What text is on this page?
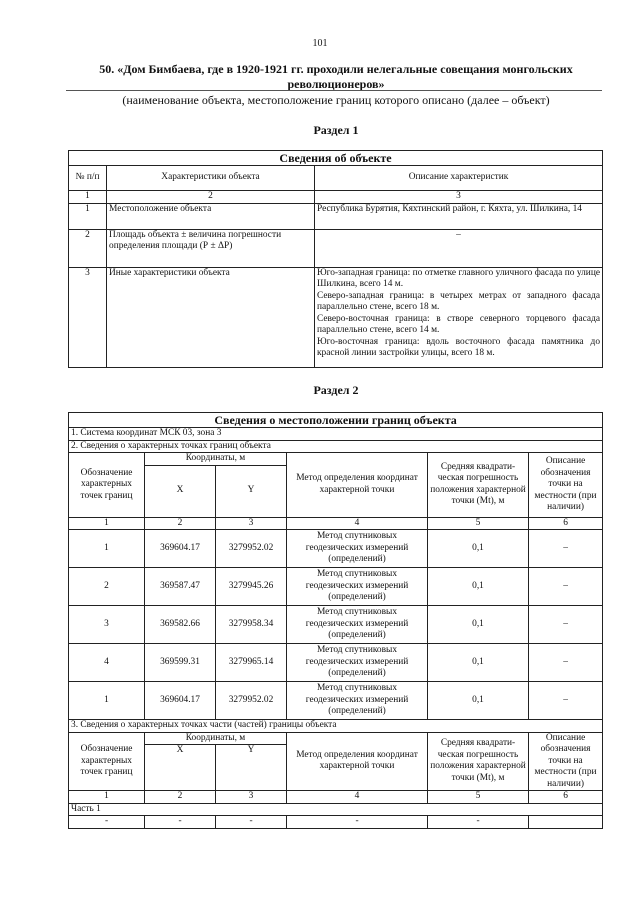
101
50. «Дом Бимбаева, где в 1920-1921 гг. проходили нелегальные совещания монгольских революционеров»
(наименование объекта, местоположение границ которого описано (далее – объект)
Раздел 1
Сведения об объекте		
№ п/п	Характеристики объекта	Описание характеристик
1	2	3
1	Местоположение объекта	Республика Бурятия, Кяхтинский район, г. Кяхта, ул. Шилкина, 14
2	Площадь объекта ± величина погрешности определения площади (Р ± ΔР)	–
3	Иные характеристики объекта	Юго-западная граница: по отметке главного уличного фасада по улице Шилкина, всего 14 м.
Северо-западная граница: в четырех метрах от западного фасада параллельно стене, всего 18 м.
Северо-восточная граница: в створе северного торцевого фасада параллельно стене, всего 14 м.
Юго-восточная граница: вдоль восточного фасада памятника до красной линии застройки улицы, всего 18 м.
Раздел 2
Сведения о местоположении границ объекта					
1. Система координат МСК 03, зона 3					
2. Сведения о характерных точках границ объекта					
Обозначение характерных точек границ	Координаты, м		Метод определения координат характерной точки	Средняя квадрати-ческая погрешность положения характерной точки (Mt), м	Описание обозначения точки на местности (при наличии)
	X	Y			
1	2	3	4	5	6
1	369604.17	3279952.02	Метод спутниковых геодезических измерений (определений)	0,1	–
2	369587.47	3279945.26	Метод спутниковых геодезических измерений (определений)	0,1	–
3	369582.66	3279958.34	Метод спутниковых геодезических измерений (определений)	0,1	–
4	369599.31	3279965.14	Метод спутниковых геодезических измерений (определений)	0,1	–
1	369604.17	3279952.02	Метод спутниковых геодезических измерений (определений)	0,1	–
3. Сведения о характерных точках части (частей) границы объекта					
Обозначение характерных точек границ	Координаты, м		Метод определения координат характерной точки	Средняя квадрати-ческая погрешность положения характерной точки (Mt), м	Описание обозначения точки на местности (при наличии)
	X	Y			
1	2	3	4	5	6
Часть 1					
-	-	-	-	-	
